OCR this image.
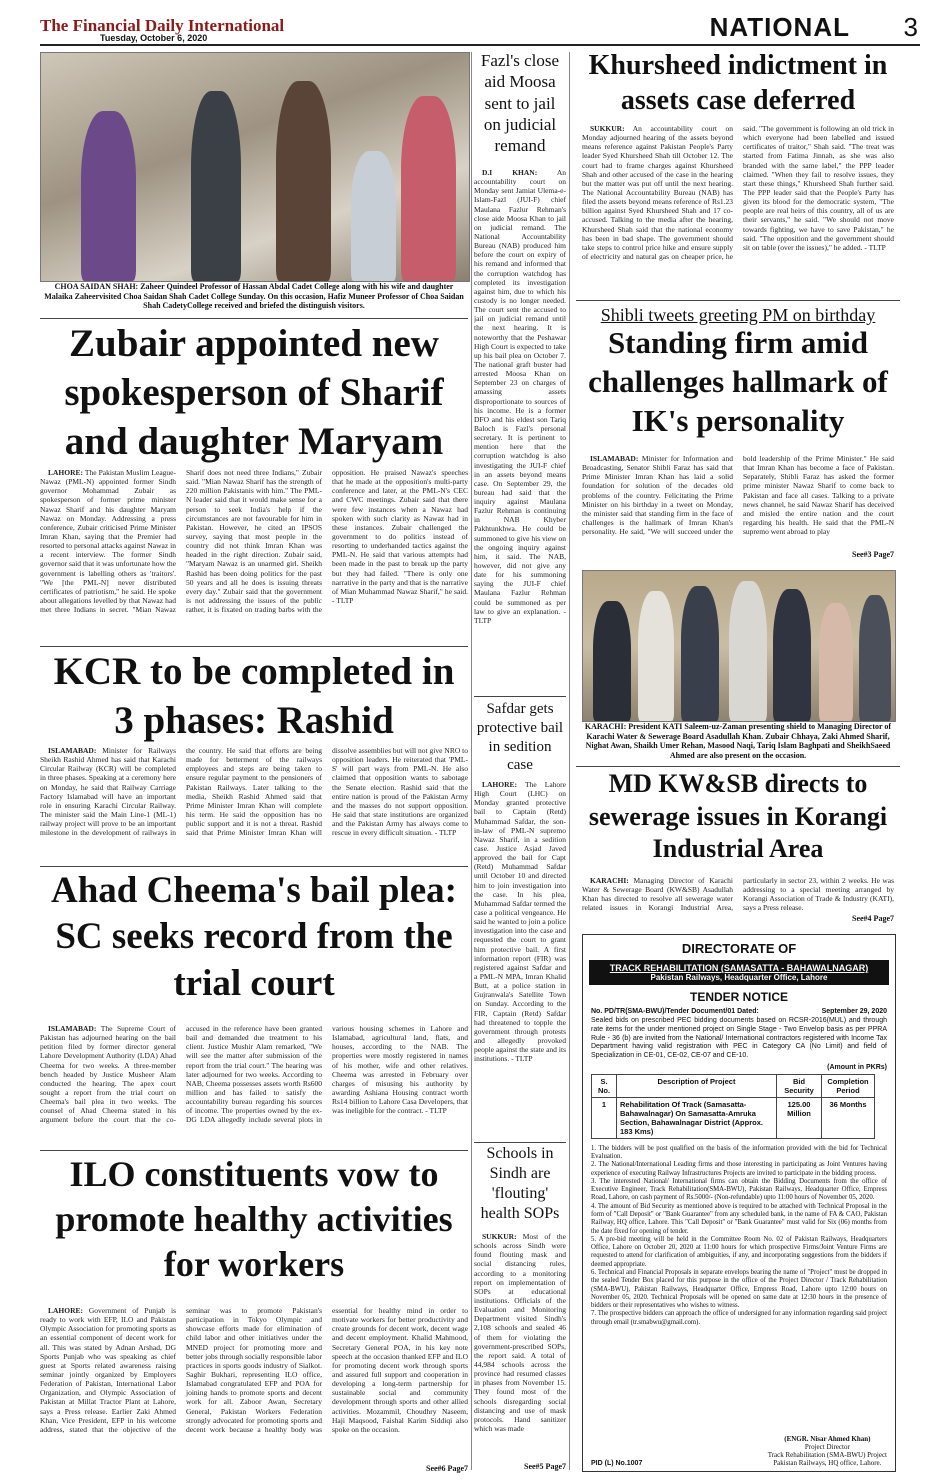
The Financial Daily International
Tuesday, October 6, 2020	NATIONAL 3
CHOA SAIDAN SHAH: Zaheer Quindeel Professor of Hassan Abdal Cadet College along with his wife and daughter Malaika Zaheervisited Choa Saidan Shah Cadet College Sunday. On this occasion, Hafiz Muneer Professor of Choa Saidan Shah CadetyCollege received and briefed the distinguish visitors.
Zubair appointed new spokesperson of Sharif and daughter Maryam

LAHORE: The Pakistan Muslim League-Nawaz (PML-N) appointed former Sindh governor Mohammad Zubair as spokesperson of former prime minister Nawaz Sharif and his daughter Maryam Nawaz on Monday. Addressing a press conference, Zubair criticised Prime Minister Imran Khan, saying that the Premier had resorted to personal attacks against Nawaz in a recent interview. The former Sindh governor said that it was unfortunate how the government is labelling others as 'traitors'. "We [the PML-N] never distributed certificates of patriotism," he said. He spoke about allegations levelled by that Nawaz had met three Indians in secret. "Mian Nawaz Sharif does not need three Indians," Zubair said. "Mian Nawaz Sharif has the strength of 220 million Pakistanis with him." The PML-N leader said that it would make sense for a person to seek India's help if the circumstances are not favourable for him in Pakistan. However, he cited an IPSOS survey, saying that most people in the country did not think Imran Khan was headed in the right direction. Zubair said, "Maryam Nawaz is an unarmed girl. Sheikh Rashid has been doing politics for the past 50 years and all he does is issuing threats every day." Zubair said that the government is not addressing the issues of the public rather, it is fixated on trading barbs with the opposition. He praised Nawaz's speeches that he made at the opposition's multi-party conference and later, at the PML-N's CEC and CWC meetings. Zubair said that there were few instances when a Nawaz had spoken with such clarity as Nawaz had in these instances. Zubair challenged the government to do politics instead of resorting to underhanded tactics against the PML-N. He said that various attempts had been made in the past to break up the party but they had failed. "There is only one narrative in the party and that is the narrative of Mian Muhammad Nawaz Sharif," he said. - TLTP

KCR to be completed in 3 phases: Rashid

ISLAMABAD: Minister for Railways Sheikh Rashid Ahmed has said that Karachi Circular Railway (KCR) will be completed in three phases. Speaking at a ceremony here on Monday, he said that Railway Carriage Factory Islamabad will have an important role in ensuring Karachi Circular Railway. The minister said the Main Line-1 (ML-1) railway project will prove to be an important milestone in the development of railways in the country. He said that efforts are being made for betterment of the railways employees and steps are being taken to ensure regular payment to the pensioners of Pakistan Railways. Later talking to the media, Sheikh Rashid Ahmed said that Prime Minister Imran Khan will complete his term. He said the opposition has no public support and it is not a threat. Rashid said that Prime Minister Imran Khan will dissolve assemblies but will not give NRO to opposition leaders. He reiterated that 'PML-S' will part ways from PML-N. He also claimed that opposition wants to sabotage the Senate election. Rashid said that the entire nation is proud of the Pakistan Army and the masses do not support opposition. He said that state institutions are organized and the Pakistan Army has always come to rescue in every difficult situation. - TLTP

Ahad Cheema's bail plea: SC seeks record from the trial court

ISLAMABAD: The Supreme Court of Pakistan has adjourned hearing on the bail petition filed by former director general Lahore Development Authority (LDA) Ahad Cheema for two weeks. A three-member bench headed by Justice Musheer Alam conducted the hearing. The apex court sought a report from the trial court on Cheema's bail plea in two weeks. The counsel of Ahad Cheema stated in his argument before the court that the co-accused in the reference have been granted bail and demanded due treatment to his client. Justice Mushir Alam remarked, "We will see the matter after submission of the report from the trial court." The hearing was later adjourned for two weeks. According to NAB, Cheema possesses assets worth Rs600 million and has failed to satisfy the accountability bureau regarding his sources of income. The properties owned by the ex-DG LDA allegedly include several plots in various housing schemes in Lahore and Islamabad, agricultural land, flats, and houses, according to the NAB. The properties were mostly registered in names of his mother, wife and other relatives. Cheema was arrested in February over charges of misusing his authority by awarding Ashiana Housing contract worth Rs14 billion to Lahore Casa Developers, that was ineligible for the contract. - TLTP

ILO constituents vow to promote healthy activities for workers

LAHORE: Government of Punjab is ready to work with EFP, ILO and Pakistan Olympic Association for promoting sports as an essential component of decent work for all. This was stated by Adnan Arshad, DG Sports Punjab who was speaking as chief guest at Sports related awareness raising seminar jointly organized by Employers Federation of Pakistan, International Labor Organization, and Olympic Association of Pakistan at Millat Tractor Plant at Lahore, says a Press release. Earlier Zaki Ahmed Khan, Vice President, EFP in his welcome address, stated that the objective of the seminar was to promote Pakistan's participation in Tokyo Olympic and showcase efforts made for elimination of child labor and other initiatives under the MNED project for promoting more and better jobs through socially responsible labor practices in sports goods industry of Sialkot. Saghir Bukhari, representing ILO office, Islamabad congratulated EFP and POA for joining hands to promote sports and decent work for all. Zaboor Awan, Secretary General, Pakistan Workers Federation strongly advocated for promoting sports and decent work because a healthy body was essential for healthy mind in order to motivate workers for better productivity and create grounds for decent work, decent wage and decent employment. Khalid Mahmood, Secretary General POA, in his key note speech at the occasion thanked EFP and ILO for promoting decent work through sports and assured full support and cooperation in developing a long-term partnership for sustainable social and community development through sports and other allied activities. Mozammil, Choudhry Naseem, Haji Maqsood, Faishal Karim Siddiqi also spoke on the occasion.

See#6 Page7
Fazl's close aid Moosa sent to jail on judicial remand

D.I KHAN:	An accountability court on Monday sent Jamiat Ulema-e-Islam-Fazl (JUI-F) chief Maulana Fazlur Rehman's close aide Moosa Khan to jail on judicial remand. The National Accountability Bureau (NAB) produced him before the court on expiry of his remand and informed that the corruption watchdog has completed its investigation against him, due to which his custody is no longer needed. The court sent the accused to jail on judicial remand until the next hearing. It is noteworthy that the Peshawar High Court is expected to take up his bail plea on October 7. The national graft buster had arrested Moosa Khan on September 23 on charges of amassing assets disproportionate to sources of his income. He is a former DFO and his eldest son Tariq Baloch is Fazl's personal secretary. It is pertinent to mention here that the corruption watchdog is also investigating the JUI-F chief in an assets beyond means case. On September 29, the bureau had said that the inquiry against Maulana Fazlur Rehman is continuing in NAB Khyber Pakhtunkhwa. He could be summoned to give his view on the ongoing inquiry against him, it said. The NAB, however, did not give any date for his summoning saying the JUI-F chief Maulana Fazlur Rehman could be summoned as per law to give an explanation. - TLTP

Safdar gets protective bail in sedition case

LAHORE: The Lahore High Court (LHC) on Monday granted protective bail to Captain (Retd) Muhammad Safdar, the son-in-law of PML-N supremo Nawaz Sharif, in a sedition case. Justice Asjad Javed approved the bail for Capt (Retd) Muhammad Safdar until October 10 and directed him to join investigation into the case. In his plea, Muhammad Safdar termed the case a political vengeance. He said he wanted to join a police investigation into the case and requested the court to grant him protective bail. A first information report (FIR) was registered against Safdar and a PML-N MPA, Imran Khalid Butt, at a police station in Gujranwala's Satellite Town on Sunday. According to the FIR, Captain (Retd) Safdar had threatened to topple the government through protests and allegedly provoked people against the state and its institutions. - TLTP

Schools in Sindh are 'flouting' health SOPs

SUKKUR: Most of the schools across Sindh were found flouting mask and social distancing rules, according to a monitoring report on implementation of SOPs at educational institutions. Officials of the Evaluation and Monitoring Department visited Sindh's 2,108 schools and sealed 46 of them for violating the government-prescribed SOPs, the report said. A total of 44,984 schools across the province had resumed classes in phases from November 15. They found most of the schools disregarding social distancing and use of mask protocols. Hand sanitizer which was made

See#5 Page7
Khursheed indictment in assets case deferred

SUKKUR: An accountability court on Monday adjourned hearing of the assets beyond means reference against Pakistan People's Party leader Syed Khursheed Shah till October 12. The court had to frame charges against Khursheed Shah and other accused of the case in the hearing but the matter was put off until the next hearing. The National Accountability Bureau (NAB) has filed the assets beyond means reference of Rs1.23 billion against Syed Khursheed Shah and 17 co-accused. Talking to the media after the hearing, Khursheed Shah said that the national economy has been in bad shape. The government should take steps to control price hike and ensure supply of electricity and natural gas on cheaper price, he said. "The government is following an old trick in which everyone had been labelled and issued certificates of traitor," Shah said. "The treat was started from Fatima Jinnah, as she was also branded with the same label," the PPP leader claimed. "When they fail to resolve issues, they start these things," Khursheed Shah further said. The PPP leader said that the People's Party has given its blood for the democratic system, "The people are real heirs of this country, all of us are their servants," he said. "We should not move towards fighting, we have to save Pakistan," he said. "The opposition and the government should sit on table (over the issues)," he added. - TLTP

Shibli tweets greeting PM on birthday
Standing firm amid challenges hallmark of IK's personality

ISLAMABAD: Minister for Information and Broadcasting, Senator Shibli Faraz has said that Prime Minister Imran Khan has laid a solid foundation for solution of the decades old problems of the country. Felicitating the Prime Minister on his birthday in a tweet on Monday, the minister said that standing firm in the face of challenges is the hallmark of Imran Khan's personality. He said, "We will succeed under the bold leadership of the Prime Minister." He said that Imran Khan has become a face of Pakistan. Separately, Shibli Faraz has asked the former prime minister Nawaz Sharif to come back to Pakistan and face all cases. Talking to a private news channel, he said Nawaz Sharif has deceived and misled the entire nation and the court regarding his health. He said that the PML-N supremo went abroad to play

See#3 Page7
KARACHI: President KATI Saleem-uz-Zaman presenting shield to Managing Director of Karachi Water & Sewerage Board Asadullah Khan. Zubair Chhaya, Zaki Ahmed Sharif, Nighat Awan, Shaikh Umer Rehan, Masood Naqi, Tariq Islam Baghpati and SheikhSaeed Ahmed are also present on the occasion.
MD KW&SB directs to sewerage issues in Korangi Industrial Area

KARACHI: Managing Director of Karachi Water & Sewerage Board (KW&SB) Asadullah Khan has directed to resolve all sewerage water related issues in Korangi Industrial Area, particularly in sector 23, within 2 weeks. He was addressing to a special meeting arranged by Korangi Association of Trade & Industry (KATI), says a Press release.

See#4 Page7
DIRECTORATE OF
TRACK REHABILITATION (SAMASATTA - BAHAWALNAGAR)
Pakistan Railways, Headquarter Office, Lahore
TENDER NOTICE
No. PD/TR(SMA-BWU)/Tender Document/01 Dated:	September 29, 2020
Sealed bids on prescribed PEC bidding documents based on RCSR-2016(MUL) and through rate items for the under mentioned project on Single Stage - Two Envelop basis as per PPRA Rule - 36 (b) are invited from the National/ International contractors registered with Income Tax Department having valid registration with PEC in Category CA (No Limit) and field of Specialization in CE-01, CE-02, CE-07 and CE-10.
(Amount in PKRs)
S. No.	Description of Project	Bid Security	Completion Period
1	Rehabilitation Of Track (Samasatta-Bahawalnagar) On Samasatta-Amruka Section, Bahawalnagar District (Approx. 183 Kms)	125.00 Million	36 Months
1. The bidders will be post qualified on the basis of the information provided with the bid for Technical Evaluation.
2. The National/International Leading firms and those interesting in participating as Joint Ventures having experience of executing Railway Infrastructures Projects are invited to participate in the bidding process.
3. The interested National/ International firms can obtain the Bidding Documents from the office of Executive Engineer, Track Rehabilitation(SMA-BWU), Pakistan Railways, Headquarter Office, Empress Road, Lahore, on cash payment of Rs.5000/- (Non-refundable) upto 11:00 hours of November 05, 2020.
4. The amount of Bid Security as mentioned above is required to be attached with Technical Proposal in the form of "Call Deposit" or "Bank Guarantee" from any scheduled bank, in the name of FA & CAO, Pakistan Railway, HQ office, Lahore. This "Call Deposit" or "Bank Guarantee" must valid for Six (06) months from the date fixed for opening of tender.
5. A pre-bid meeting will be held in the Committee Room No. 02 of Pakistan Railways, Headquarters Office, Lahore on October 20, 2020 at 11:00 hours for which prospective Firms/Joint Venture Firms are requested to attend for clarification of ambiguities, if any, and incorporating suggestions from the bidders if deemed appropriate.
6. Technical and Financial Proposals in separate envelops bearing the name of "Project" must be dropped in the sealed Tender Box placed for this purpose in the office of the Project Director / Track Rehabilitation (SMA-BWU), Pakistan Railways, Headquarter Office, Empress Road, Lahore upto 12:00 hours on November 05, 2020. Technical Proposals will be opened on same date at 12:30 hours in the presence of bidders or their representatives who wishes to witness.
7. The prospective bidders can approach the office of undersigned for any information regarding said project through email (tr.smabwu@gmail.com).
(ENGR. Nisar Ahmed Khan)
Project Director
Track Rehabilitation (SMA-BWU) Project
Pakistan Railways, HQ office, Lahore.
PID (L) No.1007
